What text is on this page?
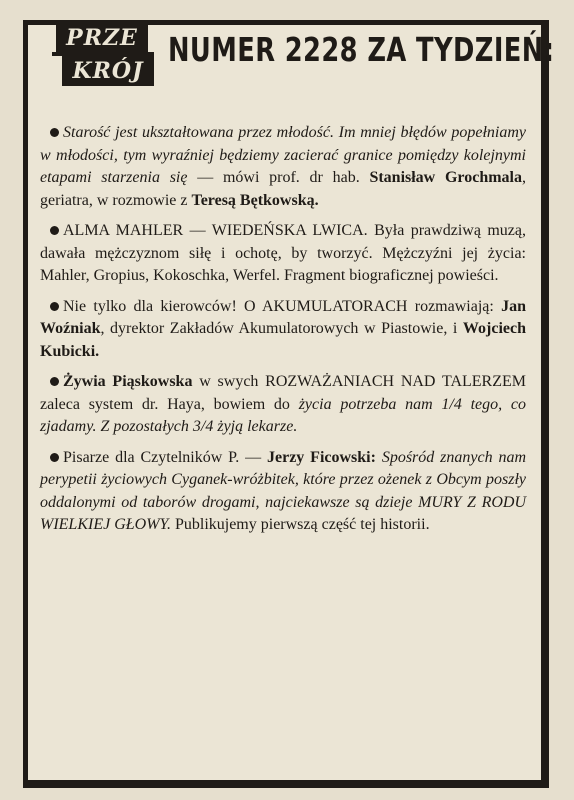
PRZE
KRÓJ
NUMER 2228 ZA TYDZIEŃ:

Starość jest ukształtowana przez młodość. Im mniej błędów popełniamy w młodości, tym wyraźniej będziemy zacierać granice pomiędzy kolejnymi etapami starzenia się — mówi prof. dr hab. Stanisław Grochmala, geriatra, w rozmowie z Teresą Bętkowską.

ALMA MAHLER — WIEDEŃSKA LWICA. Była prawdziwą muzą, dawała mężczyznom siłę i ochotę, by tworzyć. Mężczyźni jej życia: Mahler, Gropius, Kokoschka, Werfel. Fragment biograficznej powieści.

Nie tylko dla kierowców! O AKUMULATORACH rozmawiają: Jan Woźniak, dyrektor Zakładów Akumulatorowych w Piastowie, i Wojciech Kubicki.

Żywia Piąskowska w swych ROZWAŻANIACH NAD TALERZEM zaleca system dr. Haya, bowiem do życia potrzeba nam 1/4 tego, co zjadamy. Z pozostałych 3/4 żyją lekarze.

Pisarze dla Czytelników P. — Jerzy Ficowski: Spośród znanych nam perypetii życiowych Cyganek-wróżbitek, które przez ożenek z Obcym poszły oddalonymi od taborów drogami, najciekawsze są dzieje MURY Z RODU WIELKIEJ GŁOWY. Publikujemy pierwszą część tej historii.
